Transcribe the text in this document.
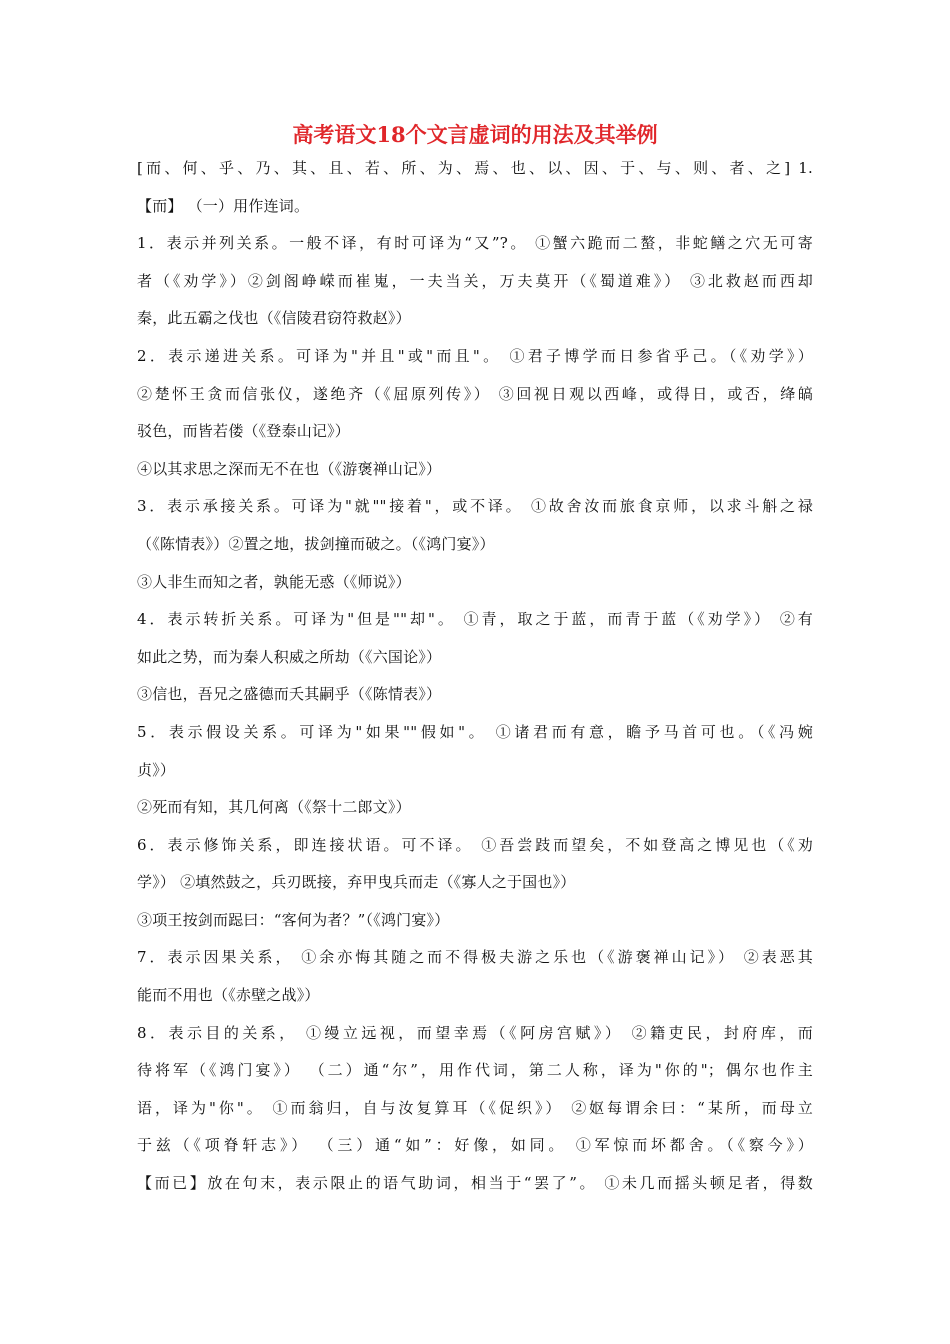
高考语文18个文言虚词的用法及其举例
[而、何、乎、乃、其、且、若、所、为、焉、也、以、因、于、与、则、者、之] 1.
【而】 （一）用作连词。
1．表示并列关系。一般不译，有时可译为“又”?。 ①蟹六跪而二螯，非蛇鳝之穴无可寄
者（《劝学》）②剑阁峥嵘而崔嵬，一夫当关，万夫莫开（《蜀道难》） ③北救赵而西却
秦，此五霸之伐也（《信陵君窃符救赵》）
2．表示递进关系。可译为"并且"或"而且"。 ①君子博学而日参省乎己。（《劝学》）
②楚怀王贪而信张仪，遂绝齐（《屈原列传》） ③回视日观以西峰，或得日，或否，绛皜
驳色，而皆若偻（《登泰山记》）
④以其求思之深而无不在也（《游褒禅山记》）
3．表示承接关系。可译为"就""接着"，或不译。 ①故舍汝而旅食京师，以求斗斛之禄
（《陈情表》）②置之地，拔剑撞而破之。（《鸿门宴》）
③人非生而知之者，孰能无惑（《师说》）
4．表示转折关系。可译为"但是""却"。 ①青，取之于蓝，而青于蓝（《劝学》） ②有
如此之势，而为秦人积威之所劫（《六国论》）
③信也，吾兄之盛德而夭其嗣乎（《陈情表》）
5．表示假设关系。可译为"如果""假如"。 ①诸君而有意，瞻予马首可也。（《冯婉
贞》）
②死而有知，其几何离（《祭十二郎文》）
6．表示修饰关系，即连接状语。可不译。 ①吾尝跂而望矣，不如登高之博见也（《劝
学》） ②填然鼓之，兵刃既接，弃甲曳兵而走（《寡人之于国也》）
③项王按剑而跽曰：“客何为者？”（《鸿门宴》）
7．表示因果关系， ①余亦悔其随之而不得极夫游之乐也（《游褒禅山记》） ②表恶其
能而不用也（《赤壁之战》）
8．表示目的关系， ①缦立远视，而望幸焉（《阿房宫赋》） ②籍吏民，封府库，而
待将军（《鸿门宴》） （二）通“尔”，用作代词，第二人称，译为"你的"；偶尔也作主
语，译为"你"。 ①而翁归，自与汝复算耳（《促织》） ②妪每谓余曰：“某所，而母立
于兹（《项脊轩志》） （三）通“如”：好像，如同。 ①军惊而坏都舍。（《察今》）
【而已】放在句末，表示限止的语气助词，相当于“罢了”。 ①未几而摇头顿足者，得数
